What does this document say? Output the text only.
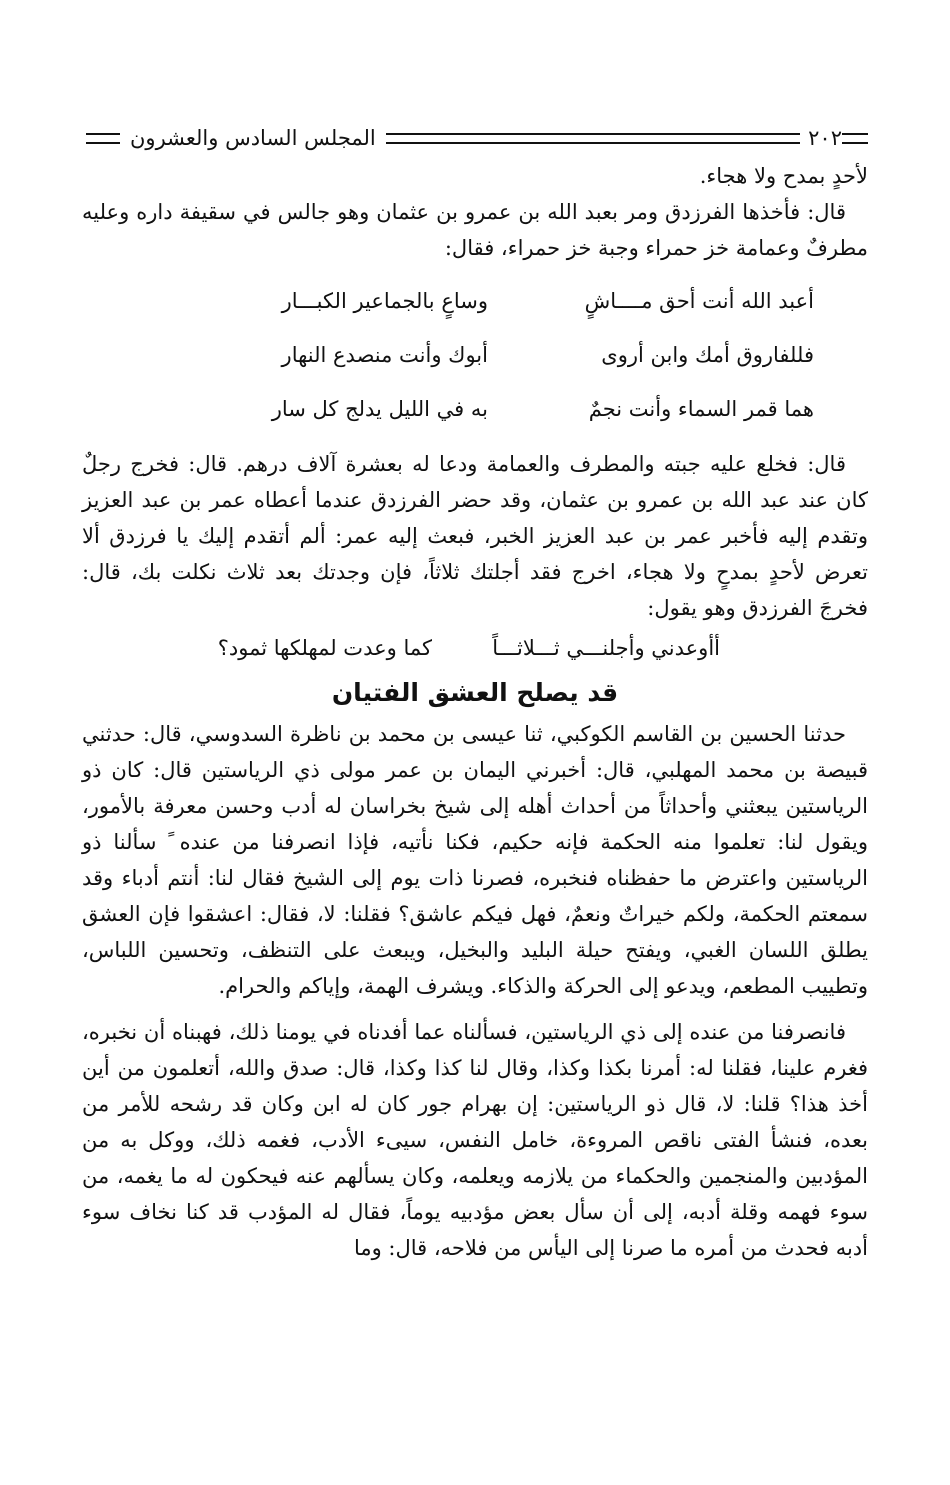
٢٠٢
المجلس السادس والعشرون

لأحدٍ بمدح ولا هجاء.

قال: فأخذها الفرزدق ومر بعبد الله بن عمرو بن عثمان وهو جالس في سقيفة داره وعليه مطرفٌ وعمامة خز حمراء وجبة خز حمراء، فقال:

أعبد الله أنت أحق مــــاشٍ
وساعٍ بالجماعير الكبـــار
فللفاروق أمك وابن أروى
أبوك وأنت منصدع النهار
هما قمر السماء وأنت نجمٌ
به في الليل يدلج كل سار

قال: فخلع عليه جبته والمطرف والعمامة ودعا له بعشرة آلاف درهم. قال: فخرج رجلٌ كان عند عبد الله بن عمرو بن عثمان، وقد حضر الفرزدق عندما أعطاه عمر بن عبد العزيز وتقدم إليه فأخبر عمر بن عبد العزيز الخبر، فبعث إليه عمر: ألم أتقدم إليك يا فرزدق ألا تعرض لأحدٍ بمدحٍ ولا هجاء، اخرج فقد أجلتك ثلاثاً، فإن وجدتك بعد ثلاث نكلت بك، قال: فخرجَ الفرزدق وهو يقول:

أأوعدني وأجلنـــي ثـــلاثـــاً
كما وعدت لمهلكها ثمود؟
قد يصلح العشق الفتيان

حدثنا الحسين بن القاسم الكوكبي، ثنا عيسى بن محمد بن ناظرة السدوسي، قال: حدثني قبيصة بن محمد المهلبي، قال: أخبرني اليمان بن عمر مولى ذي الرياستين قال: كان ذو الرياستين يبعثني وأحداثاً من أحداث أهله إلى شيخ بخراسان له أدب وحسن معرفة بالأمور، ويقول لنا: تعلموا منه الحكمة فإنه حكيم، فكنا نأتيه، فإذا انصرفنا من عنده ً سألنا ذو الرياستين واعترض ما حفظناه فنخبره، فصرنا ذات يوم إلى الشيخ فقال لنا: أنتم أدباء وقد سمعتم الحكمة، ولكم خيراتٌ ونعمٌ، فهل فيكم عاشق؟ فقلنا: لا، فقال: اعشقوا فإن العشق يطلق اللسان الغبي، ويفتح حيلة البليد والبخيل، ويبعث على التنظف، وتحسين اللباس، وتطييب المطعم، ويدعو إلى الحركة والذكاء. ويشرف الهمة، وإياكم والحرام.

فانصرفنا من عنده إلى ذي الرياستين، فسألناه عما أفدناه في يومنا ذلك، فهبناه أن نخبره، فغرم علينا، فقلنا له: أمرنا بكذا وكذا، وقال لنا كذا وكذا، قال: صدق والله، أتعلمون من أين أخذ هذا؟ قلنا: لا، قال ذو الرياستين: إن بهرام جور كان له ابن وكان قد رشحه للأمر من بعده، فنشأ الفتى ناقص المروءة، خامل النفس، سيىء الأدب، فغمه ذلك، ووكل به من المؤدبين والمنجمين والحكماء من يلازمه ويعلمه، وكان يسألهم عنه فيحكون له ما يغمه، من سوء فهمه وقلة أدبه، إلى أن سأل بعض مؤدبيه يوماً، فقال له المؤدب قد كنا نخاف سوء أدبه فحدث من أمره ما صرنا إلى اليأس من فلاحه، قال: وما
